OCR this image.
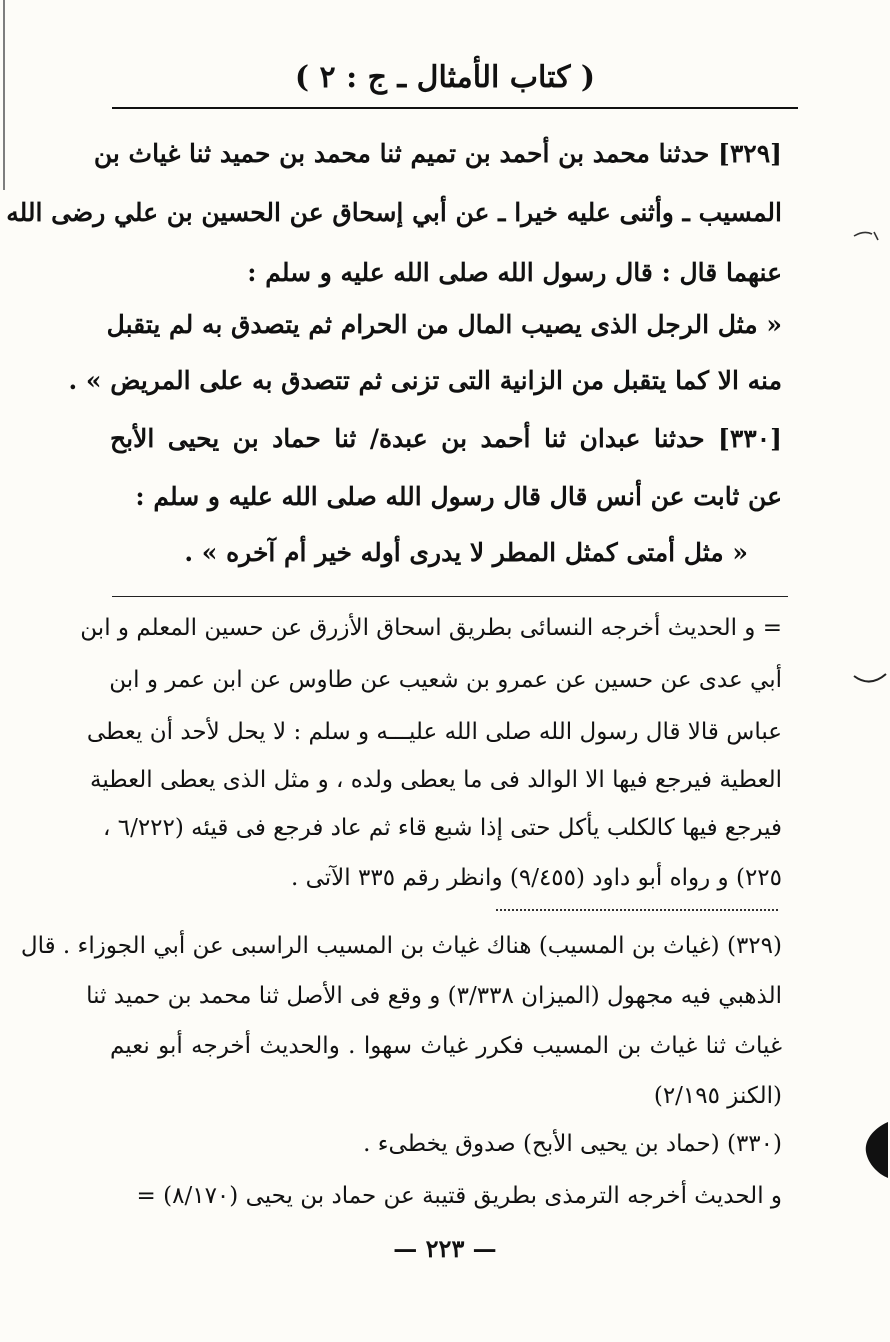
( كتاب الأمثال ـ ج : ٢ )
[٣٢٩] حدثنا محمد بن أحمد بن تميم ثنا محمد بن حميد ثنا غياث بن
المسيب ـ وأثنى عليه خيرا ـ عن أبي إسحاق عن الحسين بن علي رضى الله
عنهما قال : قال رسول الله صلى الله عليه و سلم :
« مثل الرجل الذى يصيب المال من الحرام ثم يتصدق به لم يتقبل
منه الا كما يتقبل من الزانية التى تزنى ثم تتصدق به على المريض » .
[٣٣٠] حدثنا عبدان ثنا أحمد بن عبدة/ ثنا حماد بن يحيى الأبح
عن ثابت عن أنس قال قال رسول الله صلى الله عليه و سلم :
« مثل أمتى كمثل المطر لا يدرى أوله خير أم آخره » .
= و الحديث أخرجه النسائى بطريق اسحاق الأزرق عن حسين المعلم و ابن
أبي عدى عن حسين عن عمرو بن شعيب عن طاوس عن ابن عمر و ابن
عباس قالا قال رسول الله صلى الله عليـــه و سلم : لا يحل لأحد أن يعطى
العطية فيرجع فيها الا الوالد فى ما يعطى ولده ، و مثل الذى يعطى العطية
فيرجع فيها كالكلب يأكل حتى إذا شبع قاء ثم عاد فرجع فى قيئه (٦/٢٢٢ ،
٢٢٥) و رواه أبو داود (٩/٤٥٥) وانظر رقم ٣٣٥ الآتى .
(٣٢٩) (غياث بن المسيب) هناك غياث بن المسيب الراسبى عن أبي الجوزاء . قال
الذهبي فيه مجهول (الميزان ٣/٣٣٨) و وقع فى الأصل ثنا محمد بن حميد ثنا
غياث ثنا غياث بن المسيب فكرر غياث سهوا . والحديث أخرجه أبو نعيم
(الكنز ٢/١٩٥)
(٣٣٠) (حماد بن يحيى الأبح) صدوق يخطىء .
و الحديث أخرجه الترمذى بطريق قتيبة عن حماد بن يحيى (٨/١٧٠) =
— ٢٢٣ —
